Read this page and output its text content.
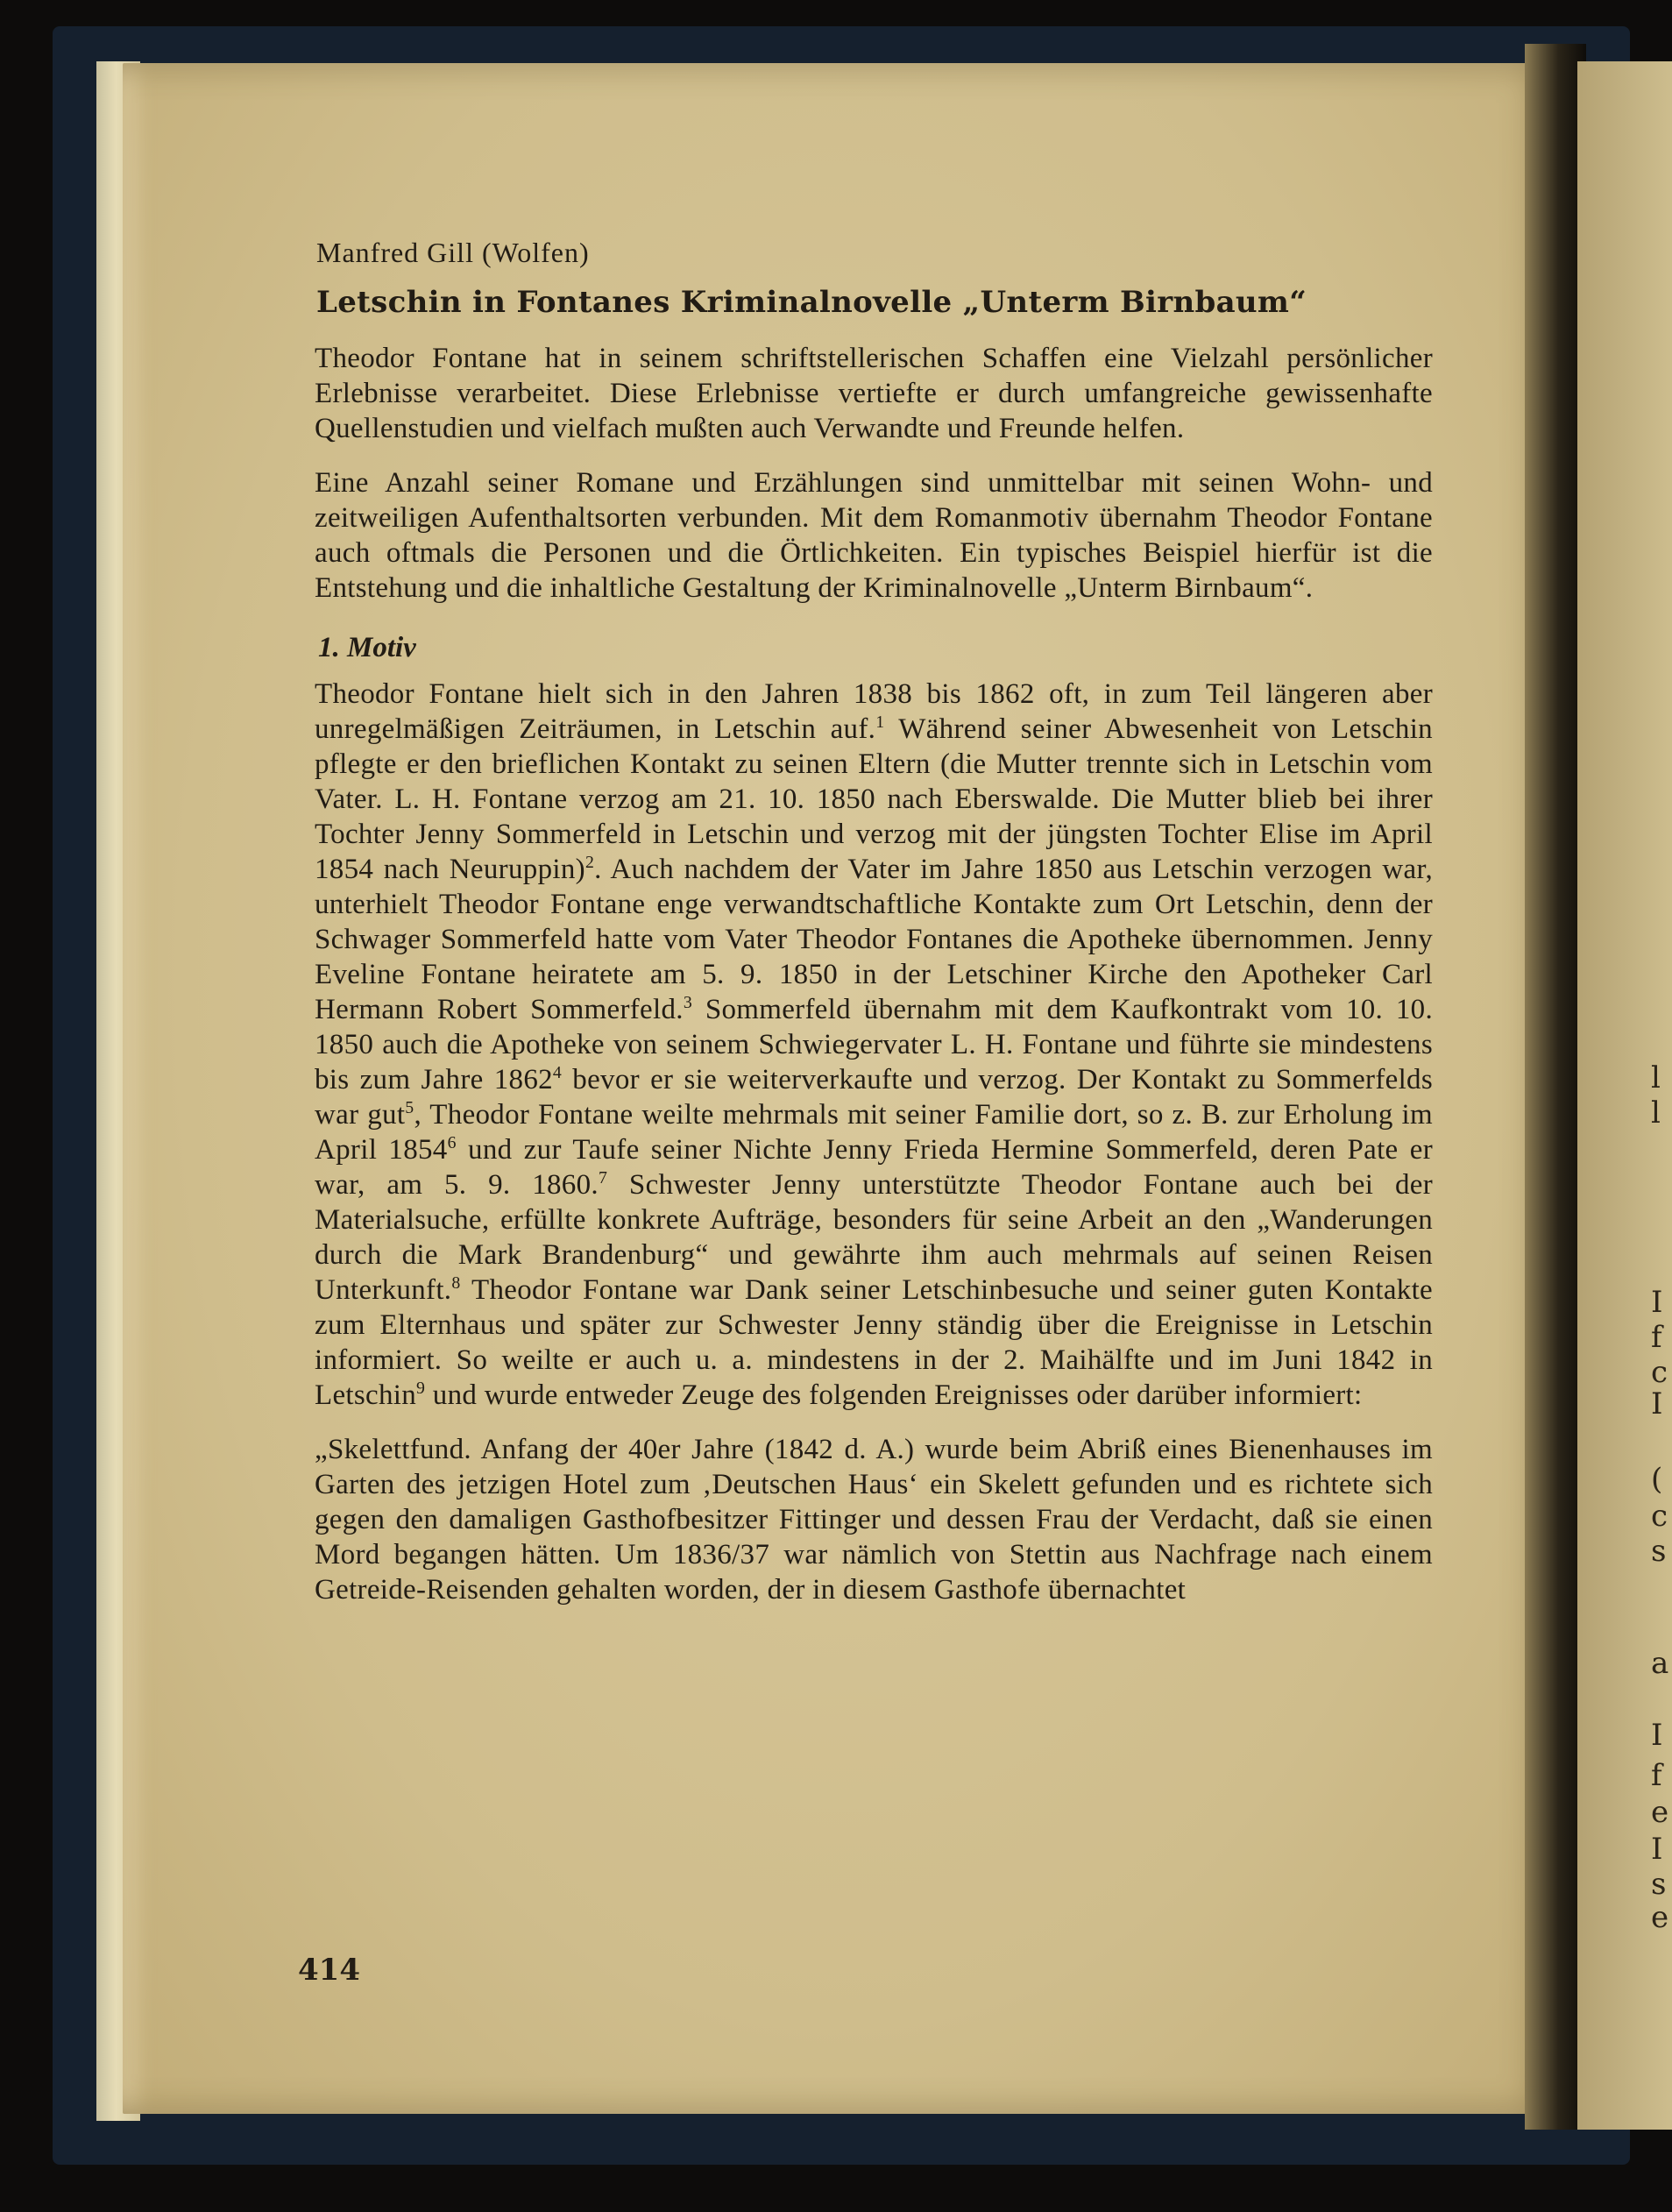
l
l
I
f
c
I
(
c
s
a
I
f
e
I
s
e
Manfred Gill (Wolfen)
Letschin in Fontanes Kriminalnovelle „Unterm Birnbaum“

Theodor Fontane hat in seinem schriftstellerischen Schaffen eine Vielzahl persönlicher Erlebnisse verarbeitet. Diese Erlebnisse vertiefte er durch umfangreiche gewissenhafte Quellenstudien und vielfach mußten auch Verwandte und Freunde helfen.

Eine Anzahl seiner Romane und Erzählungen sind unmittelbar mit seinen Wohn- und zeitweiligen Aufenthaltsorten verbunden. Mit dem Romanmotiv übernahm Theodor Fontane auch oftmals die Personen und die Örtlichkeiten. Ein typisches Beispiel hierfür ist die Entstehung und die inhaltliche Gestaltung der Kriminalnovelle „Unterm Birnbaum“.

1. Motiv

Theodor Fontane hielt sich in den Jahren 1838 bis 1862 oft, in zum Teil längeren aber unregelmäßigen Zeiträumen, in Letschin auf.$^1$ Während seiner Abwesenheit von Letschin pflegte er den brieflichen Kontakt zu seinen Eltern (die Mutter trennte sich in Letschin vom Vater. L. H. Fontane verzog am 21. 10. 1850 nach Eberswalde. Die Mutter blieb bei ihrer Tochter Jenny Sommerfeld in Letschin und verzog mit der jüngsten Tochter Elise im April 1854 nach Neuruppin)$^2$. Auch nachdem der Vater im Jahre 1850 aus Letschin verzogen war, unterhielt Theodor Fontane enge verwandtschaftliche Kontakte zum Ort Letschin, denn der Schwager Sommerfeld hatte vom Vater Theodor Fontanes die Apotheke übernommen. Jenny Eveline Fontane heiratete am 5. 9. 1850 in der Letschiner Kirche den Apotheker Carl Hermann Robert Sommerfeld.$^3$ Sommerfeld übernahm mit dem Kaufkontrakt vom 10. 10. 1850 auch die Apotheke von seinem Schwiegervater L. H. Fontane und führte sie mindestens bis zum Jahre 1862$^4$ bevor er sie weiterverkaufte und verzog. Der Kontakt zu Sommerfelds war gut$^5$, Theodor Fontane weilte mehrmals mit seiner Familie dort, so z. B. zur Erholung im April 1854$^6$ und zur Taufe seiner Nichte Jenny Frieda Hermine Sommerfeld, deren Pate er war, am 5. 9. 1860.$^7$ Schwester Jenny unterstützte Theodor Fontane auch bei der Materialsuche, erfüllte konkrete Aufträge, besonders für seine Arbeit an den „Wanderungen durch die Mark Brandenburg“ und gewährte ihm auch mehrmals auf seinen Reisen Unterkunft.$^8$ Theodor Fontane war Dank seiner Letschinbesuche und seiner guten Kontakte zum Elternhaus und später zur Schwester Jenny ständig über die Ereignisse in Letschin informiert. So weilte er auch u. a. mindestens in der 2. Maihälfte und im Juni 1842 in Letschin$^9$ und wurde entweder Zeuge des folgenden Ereignisses oder darüber informiert:

„Skelettfund. Anfang der 40er Jahre (1842 d. A.) wurde beim Abriß eines Bienenhauses im Garten des jetzigen Hotel zum ‚Deutschen Haus‘ ein Skelett gefunden und es richtete sich gegen den damaligen Gasthofbesitzer Fittinger und dessen Frau der Verdacht, daß sie einen Mord begangen hätten. Um 1836/37 war nämlich von Stettin aus Nachfrage nach einem Getreide-Reisenden gehalten worden, der in diesem Gasthofe übernachtet

414
